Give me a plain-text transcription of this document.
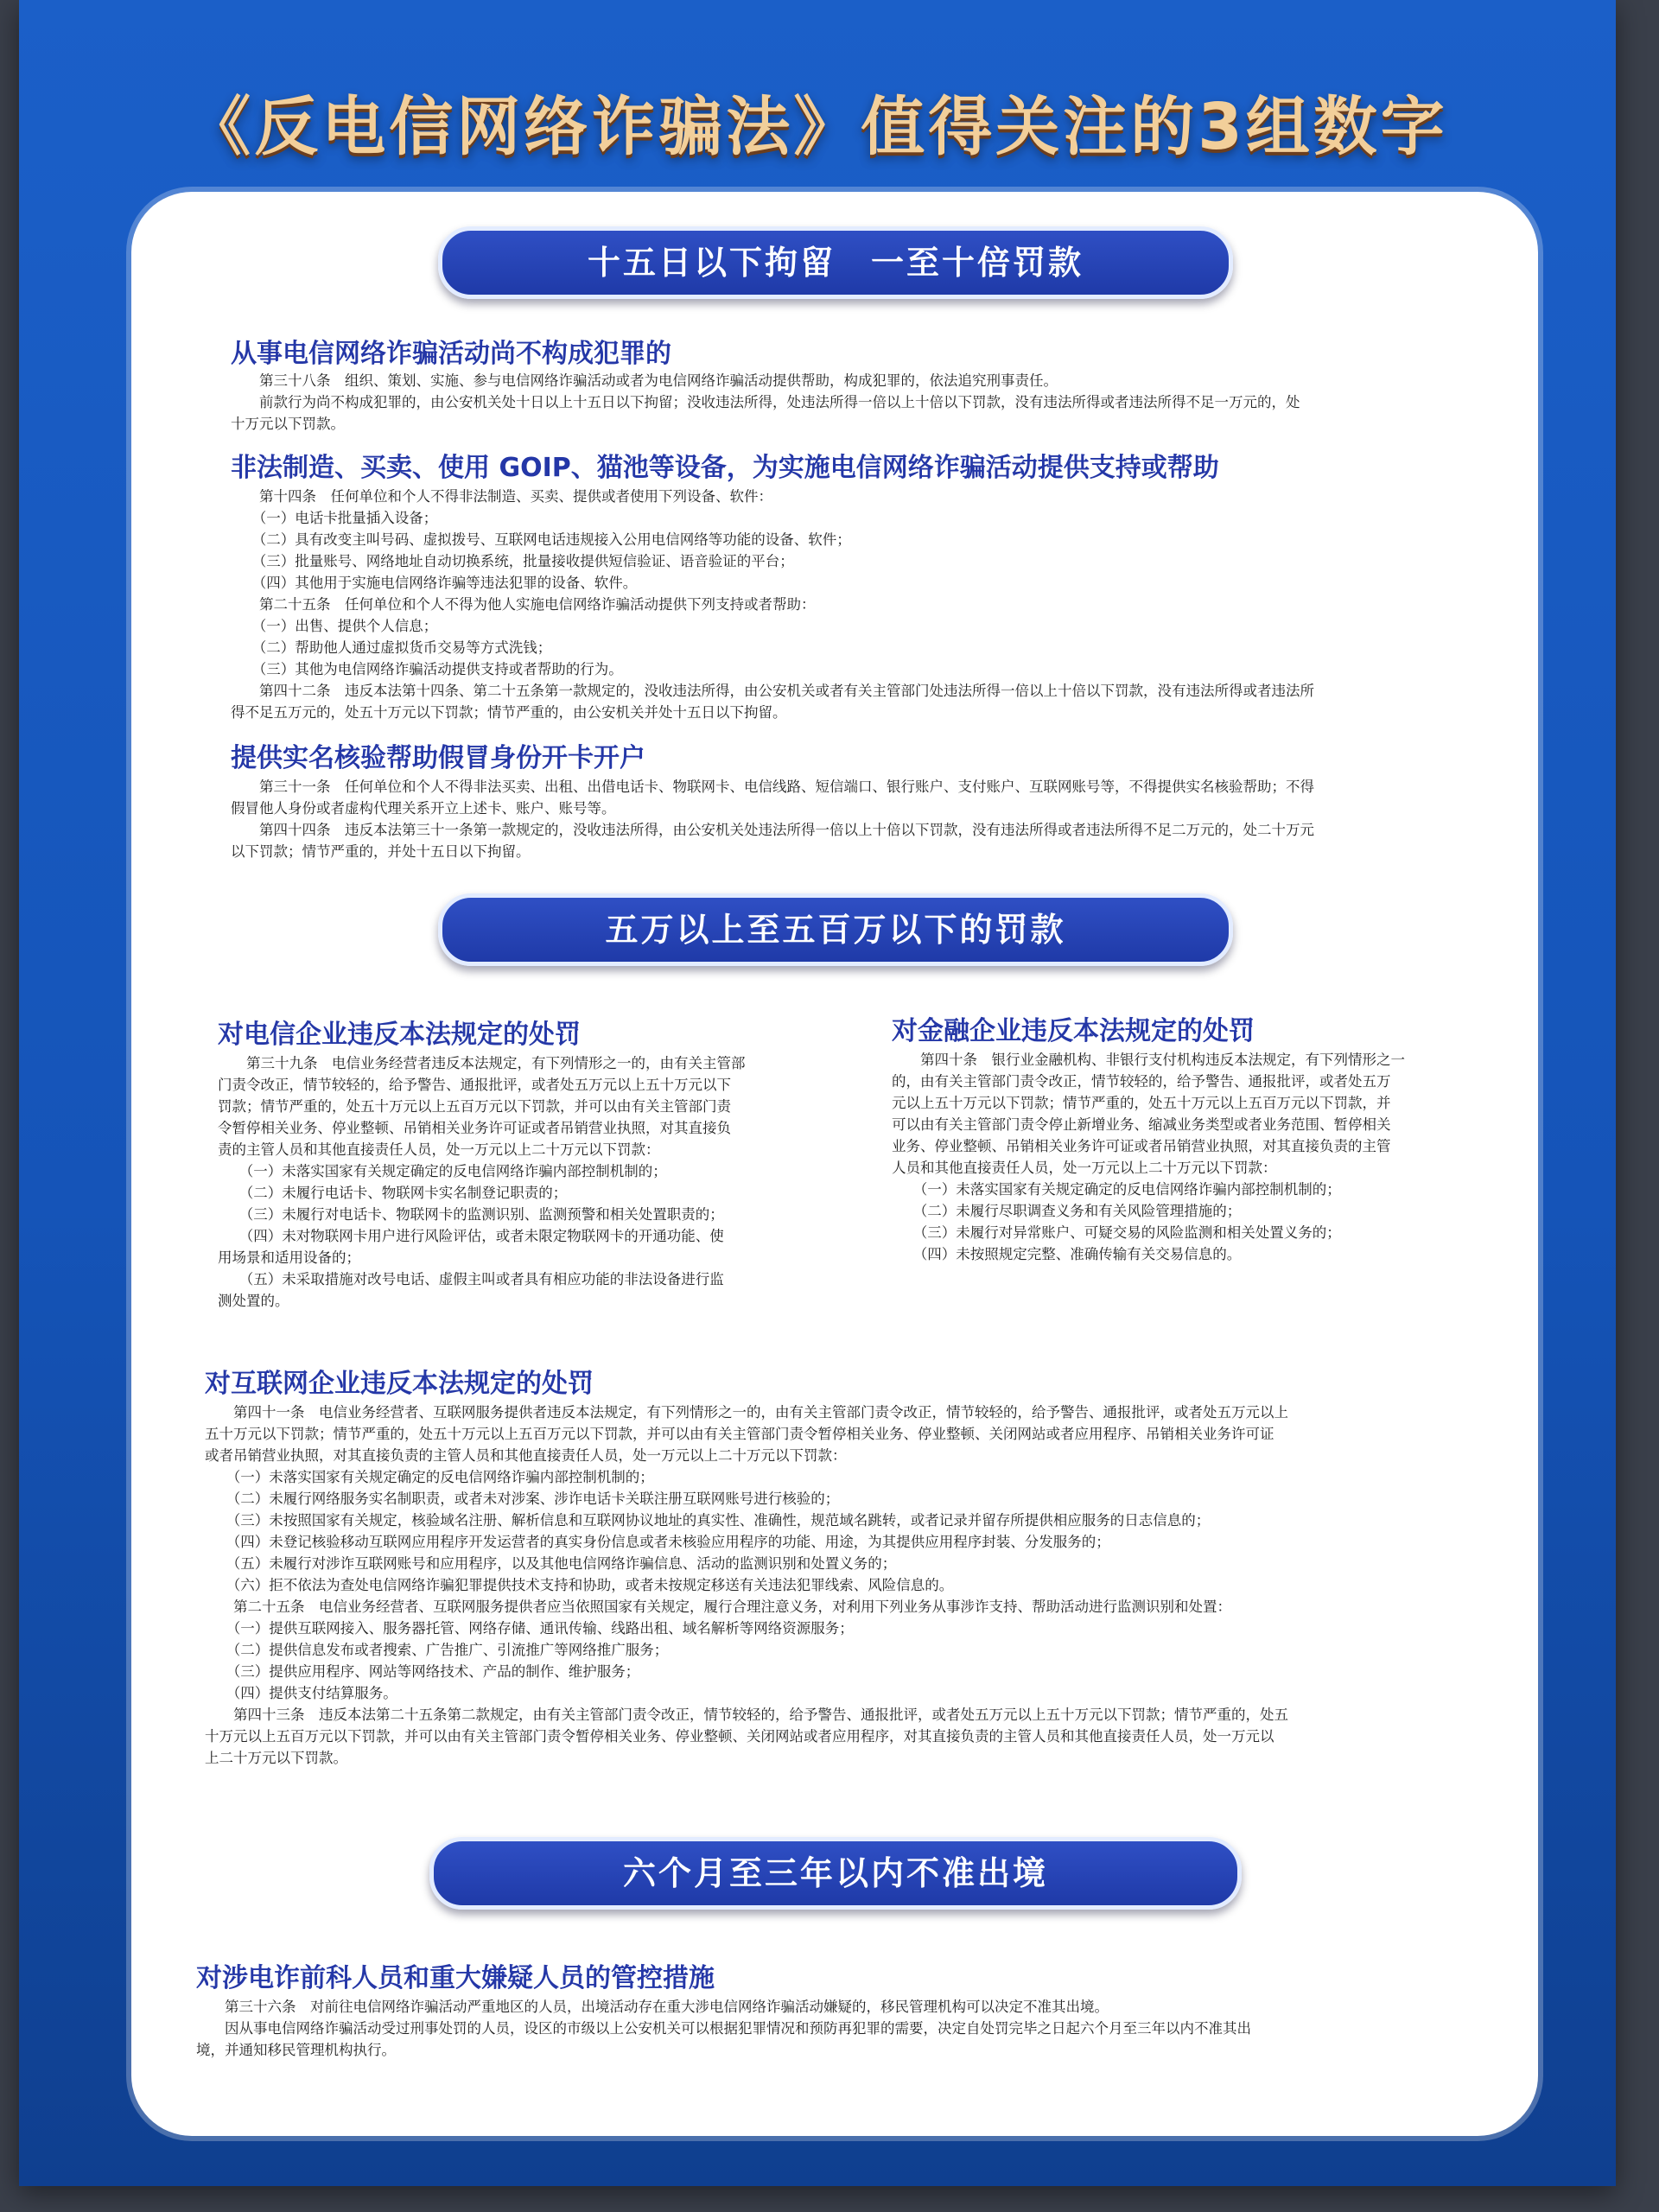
《反电信网络诈骗法》值得关注的3组数字
十五日以下拘留　一至十倍罚款
从事电信网络诈骗活动尚不构成犯罪的

　　第三十八条　组织、策划、实施、参与电信网络诈骗活动或者为电信网络诈骗活动提供帮助，构成犯罪的，依法追究刑事责任。

　　前款行为尚不构成犯罪的，由公安机关处十日以上十五日以下拘留；没收违法所得，处违法所得一倍以上十倍以下罚款，没有违法所得或者违法所得不足一万元的，处

十万元以下罚款。

非法制造、买卖、使用 GOIP、猫池等设备，为实施电信网络诈骗活动提供支持或帮助

　　第十四条　任何单位和个人不得非法制造、买卖、提供或者使用下列设备、软件：

　　（一）电话卡批量插入设备；

　　（二）具有改变主叫号码、虚拟拨号、互联网电话违规接入公用电信网络等功能的设备、软件；

　　（三）批量账号、网络地址自动切换系统，批量接收提供短信验证、语音验证的平台；

　　（四）其他用于实施电信网络诈骗等违法犯罪的设备、软件。

　　第二十五条　任何单位和个人不得为他人实施电信网络诈骗活动提供下列支持或者帮助：

　　（一）出售、提供个人信息；

　　（二）帮助他人通过虚拟货币交易等方式洗钱；

　　（三）其他为电信网络诈骗活动提供支持或者帮助的行为。

　　第四十二条　违反本法第十四条、第二十五条第一款规定的，没收违法所得，由公安机关或者有关主管部门处违法所得一倍以上十倍以下罚款，没有违法所得或者违法所

得不足五万元的，处五十万元以下罚款；情节严重的，由公安机关并处十五日以下拘留。

提供实名核验帮助假冒身份开卡开户

　　第三十一条　任何单位和个人不得非法买卖、出租、出借电话卡、物联网卡、电信线路、短信端口、银行账户、支付账户、互联网账号等，不得提供实名核验帮助；不得

假冒他人身份或者虚构代理关系开立上述卡、账户、账号等。

　　第四十四条　违反本法第三十一条第一款规定的，没收违法所得，由公安机关处违法所得一倍以上十倍以下罚款，没有违法所得或者违法所得不足二万元的，处二十万元

以下罚款；情节严重的，并处十五日以下拘留。

五万以上至五百万以下的罚款
对电信企业违反本法规定的处罚

　　第三十九条　电信业务经营者违反本法规定，有下列情形之一的，由有关主管部

门责令改正，情节较轻的，给予警告、通报批评，或者处五万元以上五十万元以下

罚款；情节严重的，处五十万元以上五百万元以下罚款，并可以由有关主管部门责

令暂停相关业务、停业整顿、吊销相关业务许可证或者吊销营业执照，对其直接负

责的主管人员和其他直接责任人员，处一万元以上二十万元以下罚款：

　　（一）未落实国家有关规定确定的反电信网络诈骗内部控制机制的；

　　（二）未履行电话卡、物联网卡实名制登记职责的；

　　（三）未履行对电话卡、物联网卡的监测识别、监测预警和相关处置职责的；

　　（四）未对物联网卡用户进行风险评估，或者未限定物联网卡的开通功能、使

用场景和适用设备的；

　　（五）未采取措施对改号电话、虚假主叫或者具有相应功能的非法设备进行监

测处置的。

对金融企业违反本法规定的处罚

　　第四十条　银行业金融机构、非银行支付机构违反本法规定，有下列情形之一

的，由有关主管部门责令改正，情节较轻的，给予警告、通报批评，或者处五万

元以上五十万元以下罚款；情节严重的，处五十万元以上五百万元以下罚款，并

可以由有关主管部门责令停止新增业务、缩减业务类型或者业务范围、暂停相关

业务、停业整顿、吊销相关业务许可证或者吊销营业执照，对其直接负责的主管

人员和其他直接责任人员，处一万元以上二十万元以下罚款：

　　（一）未落实国家有关规定确定的反电信网络诈骗内部控制机制的；

　　（二）未履行尽职调查义务和有关风险管理措施的；

　　（三）未履行对异常账户、可疑交易的风险监测和相关处置义务的；

　　（四）未按照规定完整、准确传输有关交易信息的。

对互联网企业违反本法规定的处罚

　　第四十一条　电信业务经营者、互联网服务提供者违反本法规定，有下列情形之一的，由有关主管部门责令改正，情节较轻的，给予警告、通报批评，或者处五万元以上

五十万元以下罚款；情节严重的，处五十万元以上五百万元以下罚款，并可以由有关主管部门责令暂停相关业务、停业整顿、关闭网站或者应用程序、吊销相关业务许可证

或者吊销营业执照，对其直接负责的主管人员和其他直接责任人员，处一万元以上二十万元以下罚款：

　　（一）未落实国家有关规定确定的反电信网络诈骗内部控制机制的；

　　（二）未履行网络服务实名制职责，或者未对涉案、涉诈电话卡关联注册互联网账号进行核验的；

　　（三）未按照国家有关规定，核验域名注册、解析信息和互联网协议地址的真实性、准确性，规范域名跳转，或者记录并留存所提供相应服务的日志信息的；

　　（四）未登记核验移动互联网应用程序开发运营者的真实身份信息或者未核验应用程序的功能、用途，为其提供应用程序封装、分发服务的；

　　（五）未履行对涉诈互联网账号和应用程序，以及其他电信网络诈骗信息、活动的监测识别和处置义务的；

　　（六）拒不依法为查处电信网络诈骗犯罪提供技术支持和协助，或者未按规定移送有关违法犯罪线索、风险信息的。

　　第二十五条　电信业务经营者、互联网服务提供者应当依照国家有关规定，履行合理注意义务，对利用下列业务从事涉诈支持、帮助活动进行监测识别和处置：

　　（一）提供互联网接入、服务器托管、网络存储、通讯传输、线路出租、域名解析等网络资源服务；

　　（二）提供信息发布或者搜索、广告推广、引流推广等网络推广服务；

　　（三）提供应用程序、网站等网络技术、产品的制作、维护服务；

　　（四）提供支付结算服务。

　　第四十三条　违反本法第二十五条第二款规定，由有关主管部门责令改正，情节较轻的，给予警告、通报批评，或者处五万元以上五十万元以下罚款；情节严重的，处五

十万元以上五百万元以下罚款，并可以由有关主管部门责令暂停相关业务、停业整顿、关闭网站或者应用程序，对其直接负责的主管人员和其他直接责任人员，处一万元以

上二十万元以下罚款。

六个月至三年以内不准出境
对涉电诈前科人员和重大嫌疑人员的管控措施

　　第三十六条　对前往电信网络诈骗活动严重地区的人员，出境活动存在重大涉电信网络诈骗活动嫌疑的，移民管理机构可以决定不准其出境。

　　因从事电信网络诈骗活动受过刑事处罚的人员，设区的市级以上公安机关可以根据犯罪情况和预防再犯罪的需要，决定自处罚完毕之日起六个月至三年以内不准其出

境，并通知移民管理机构执行。
